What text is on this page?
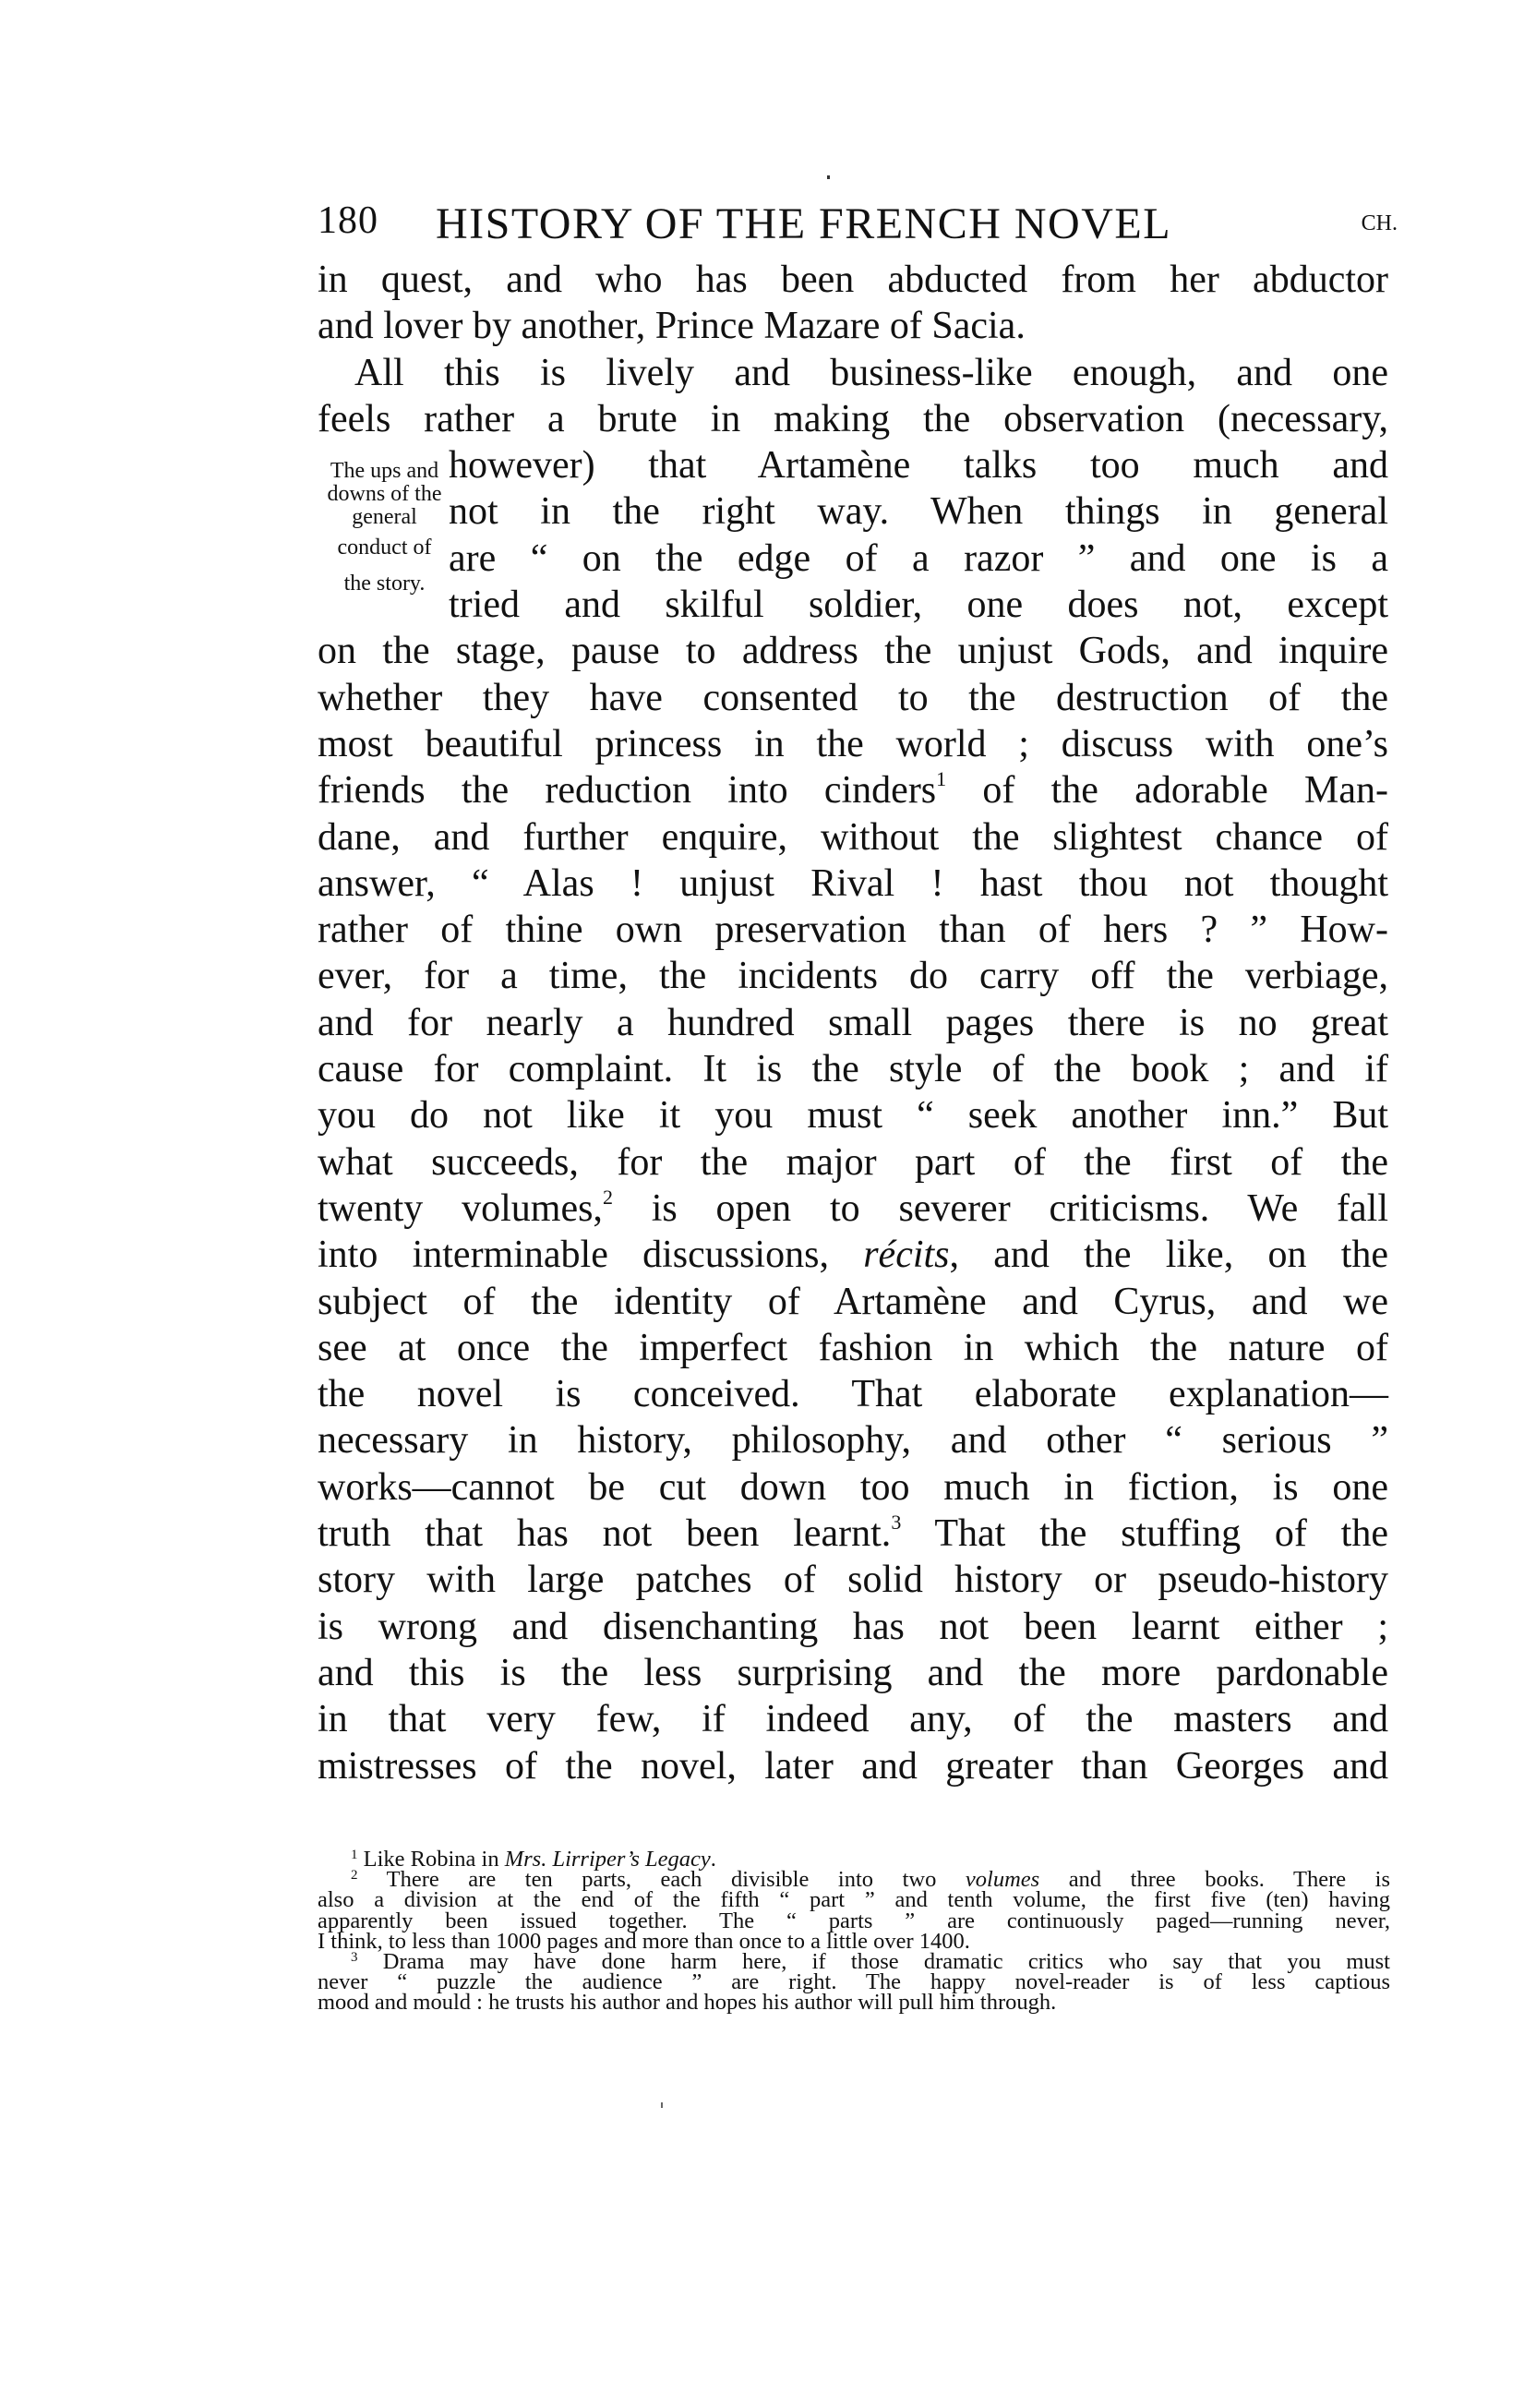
180 HISTORY OF THE FRENCH NOVEL	CH.
The ups and
downs of the
general
conduct of
the story.
in quest, and who has been abducted from her abductor
and lover by another, Prince Mazare of Sacia.
All this is lively and business-like enough, and one
feels rather a brute in making the observation (necessary,
however) that Artamène talks too much and
not in the right way. When things in general
are “ on the edge of a razor ” and one is a
tried and skilful soldier, one does not, except
on the stage, pause to address the unjust Gods, and inquire
whether they have consented to the destruction of the
most beautiful princess in the world ; discuss with one’s
friends the reduction into cinders$^1$ of the adorable Man-
dane, and further enquire, without the slightest chance of
answer, “ Alas ! unjust Rival ! hast thou not thought
rather of thine own preservation than of hers ? ” How-
ever, for a time, the incidents do carry off the verbiage,
and for nearly a hundred small pages there is no great
cause for complaint. It is the style of the book ; and if
you do not like it you must “ seek another inn.” But
what succeeds, for the major part of the first of the
twenty volumes,$^2$ is open to severer criticisms. We fall
into interminable discussions, récits, and the like, on the
subject of the identity of Artamène and Cyrus, and we
see at once the imperfect fashion in which the nature of
the novel is conceived. That elaborate explanation—
necessary in history, philosophy, and other “ serious ”
works—cannot be cut down too much in fiction, is one
truth that has not been learnt.$^3$ That the stuffing of the
story with large patches of solid history or pseudo-history
is wrong and disenchanting has not been learnt either ;
and this is the less surprising and the more pardonable
in that very few, if indeed any, of the masters and
mistresses of the novel, later and greater than Georges and
$^1$ Like Robina in Mrs. Lirriper’s Legacy.
$^2$ There are ten parts, each divisible into two volumes and three books. There is
also a division at the end of the fifth “ part ” and tenth volume, the first five (ten) having
apparently been issued together. The “ parts ” are continuously paged—running never,
I think, to less than 1000 pages and more than once to a little over 1400.
$^3$ Drama may have done harm here, if those dramatic critics who say that you must
never “ puzzle the audience ” are right. The happy novel-reader is of less captious
mood and mould : he trusts his author and hopes his author will pull him through.
